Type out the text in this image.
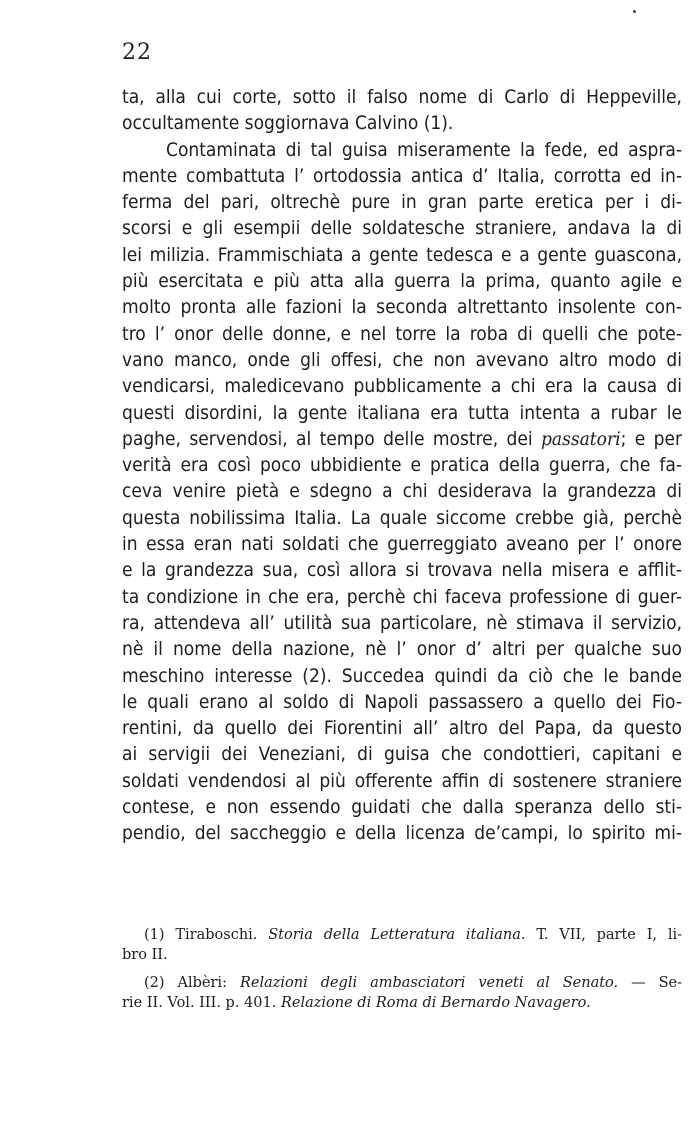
22
ta, alla cui corte, sotto il falso nome di Carlo di Heppeville,
occultamente soggiornava Calvino (1).
Contaminata di tal guisa miseramente la fede, ed aspra-
mente combattuta l’ ortodossia antica d’ Italia, corrotta ed in-
ferma del pari, oltrechè pure in gran parte eretica per i di-
scorsi e gli esempii delle soldatesche straniere, andava la di
lei milizia. Frammischiata a gente tedesca e a gente guascona,
più esercitata e più atta alla guerra la prima, quanto agile e
molto pronta alle fazioni la seconda altrettanto insolente con-
tro l’ onor delle donne, e nel torre la roba di quelli che pote-
vano manco, onde gli offesi, che non avevano altro modo di
vendicarsi, maledicevano pubblicamente a chi era la causa di
questi disordini, la gente italiana era tutta intenta a rubar le
paghe, servendosi, al tempo delle mostre, dei passatori; e per
verità era così poco ubbidiente e pratica della guerra, che fa-
ceva venire pietà e sdegno a chi desiderava la grandezza di
questa nobilissima Italia. La quale siccome crebbe già, perchè
in essa eran nati soldati che guerreggiato aveano per l’ onore
e la grandezza sua, così allora si trovava nella misera e afflit-
ta condizione in che era, perchè chi faceva professione di guer-
ra, attendeva all’ utilità sua particolare, nè stimava il servizio,
nè il nome della nazione, nè l’ onor d’ altri per qualche suo
meschino interesse (2). Succedea quindi da ciò che le bande
le quali erano al soldo di Napoli passassero a quello dei Fio-
rentini, da quello dei Fiorentini all’ altro del Papa, da questo
ai servigii dei Veneziani, di guisa che condottieri, capitani e
soldati vendendosi al più offerente affin di sostenere straniere
contese, e non essendo guidati che dalla speranza dello sti-
pendio, del saccheggio e della licenza de’campi, lo spirito mi-
(1) Tiraboschi. Storia della Letteratura italiana. T. VII, parte I, li-
bro II.
(2) Albèri: Relazioni degli ambasciatori veneti al Senato. — Se-
rie II. Vol. III. p. 401. Relazione di Roma di Bernardo Navagero.
